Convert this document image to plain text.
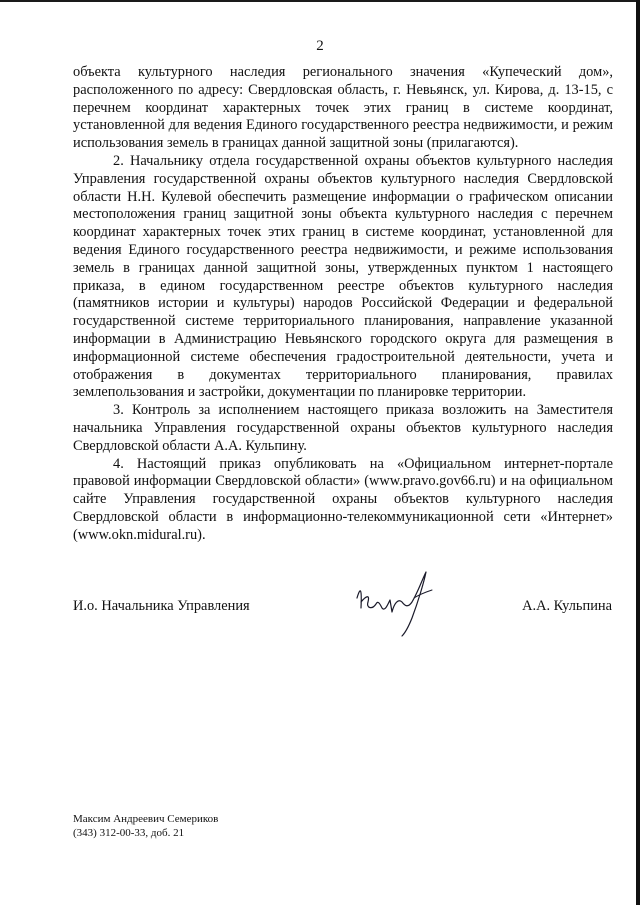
2

объекта культурного наследия регионального значения «Купеческий дом», расположенного по адресу: Свердловская область, г. Невьянск, ул. Кирова, д. 13-15, с перечнем координат характерных точек этих границ в системе координат, установленной для ведения Единого государственного реестра недвижимости, и режим использования земель в границах данной защитной зоны (прилагаются).

2. Начальнику отдела государственной охраны объектов культурного наследия Управления государственной охраны объектов культурного наследия Свердловской области Н.Н. Кулевой обеспечить размещение информации о графическом описании местоположения границ защитной зоны объекта культурного наследия с перечнем координат характерных точек этих границ в системе координат, установленной для ведения Единого государственного реестра недвижимости, и режиме использования земель в границах данной защитной зоны, утвержденных пунктом 1 настоящего приказа, в едином государственном реестре объектов культурного наследия (памятников истории и культуры) народов Российской Федерации и федеральной государственной системе территориального планирования, направление указанной информации в Администрацию Невьянского городского округа для размещения в информационной системе обеспечения градостроительной деятельности, учета и отображения в документах территориального планирования, правилах землепользования и застройки, документации по планировке территории.

3. Контроль за исполнением настоящего приказа возложить на Заместителя начальника Управления государственной охраны объектов культурного наследия Свердловской области А.А. Кульпину.

4. Настоящий приказ опубликовать на «Официальном интернет-портале правовой информации Свердловской области» (www.pravo.gov66.ru) и на официальном сайте Управления государственной охраны объектов культурного наследия Свердловской области в информационно-телекоммуникационной сети «Интернет» (www.okn.midural.ru).

И.о. Начальника Управления	А.А. Кульпина
Максим Андреевич Семериков
(343) 312-00-33, доб. 21
